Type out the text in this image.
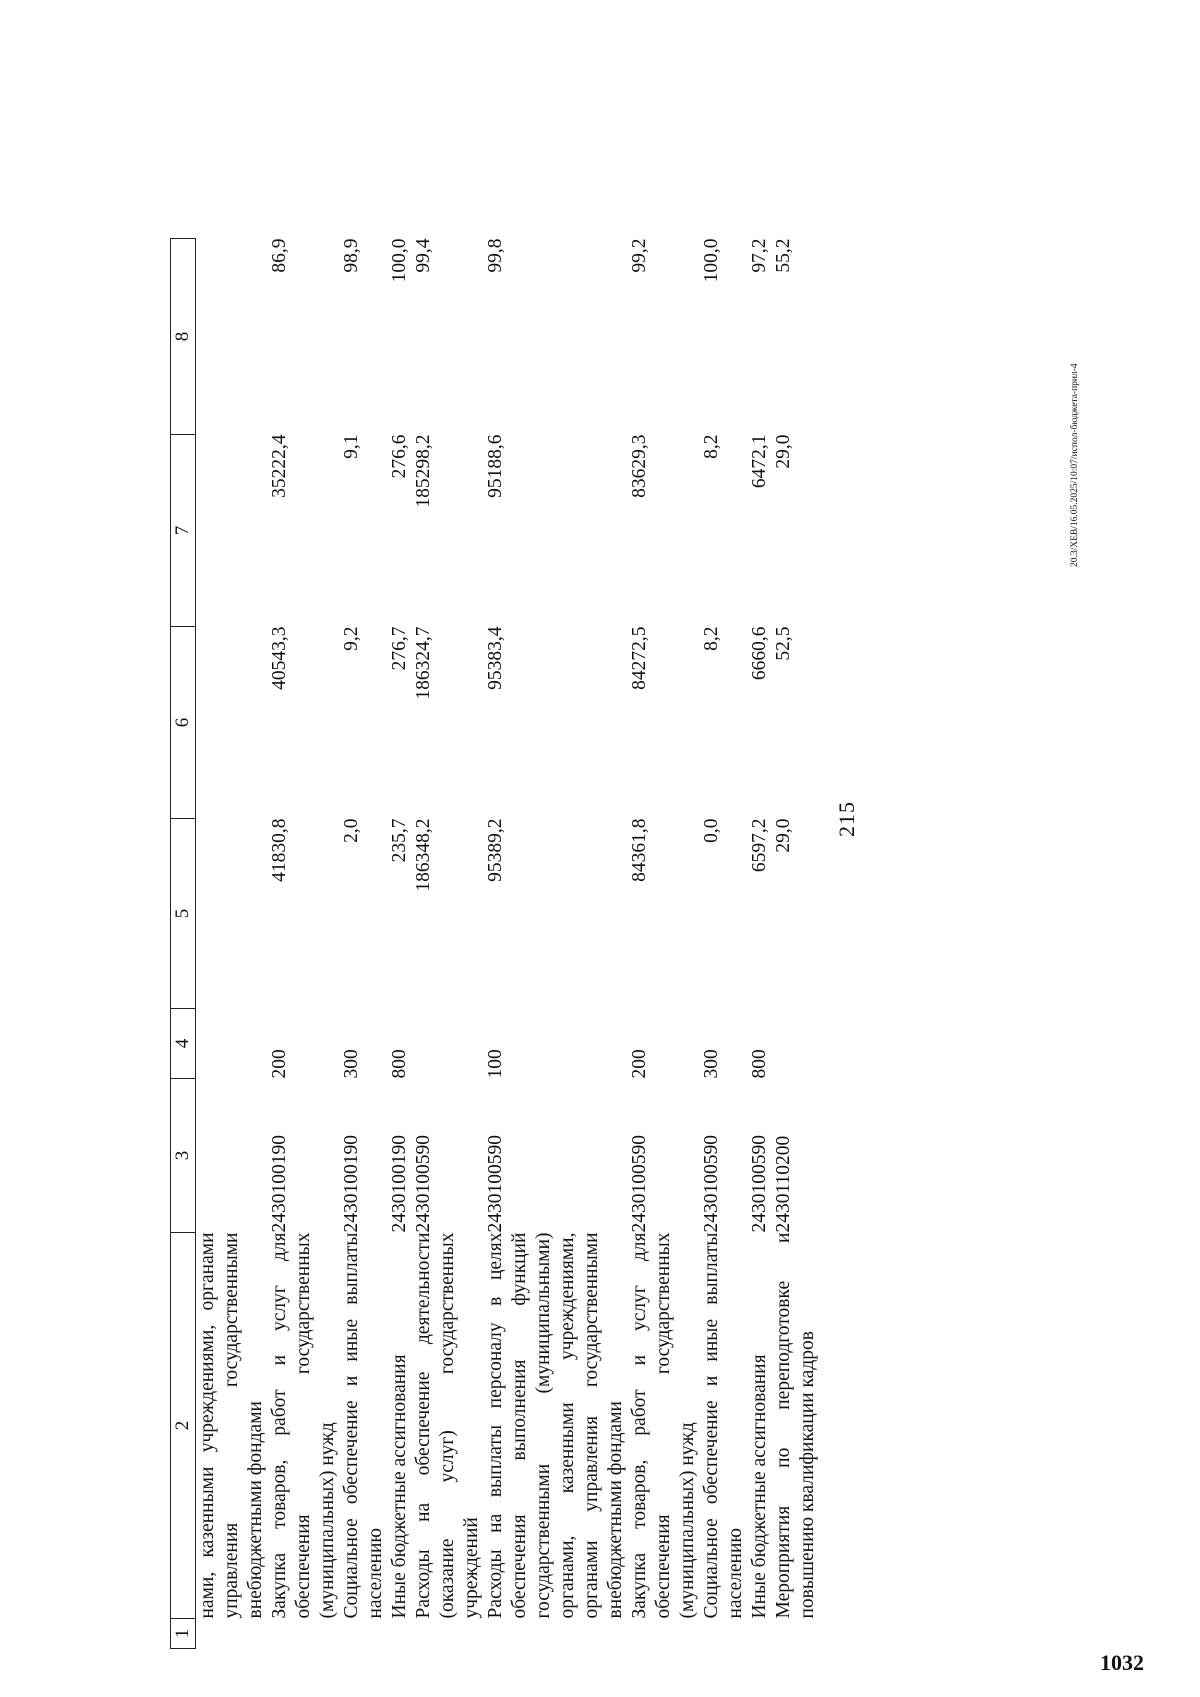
215
1	2	3	4	5	6	7	8
	нами, казенными учреждениями, органами управления государственными внебюджетными фондами						
	Закупка товаров, работ и услуг для обеспечения государственных (муниципальных) нужд	2430100190	200	41830,8	40543,3	35222,4	86,9
	Социальное обеспечение и иные выплаты населению	2430100190	300	2,0	9,2	9,1	98,9
	Иные бюджетные ассигнования	2430100190	800	235,7	276,7	276,6	100,0
	Расходы на обеспечение деятельности (оказание услуг) государственных учреждений	2430100590		186348,2	186324,7	185298,2	99,4
	Расходы на выплаты персоналу в целях обеспечения выполнения функций государственными (муниципальными) органами, казенными учреждениями, органами управления государственными внебюджетными фондами	2430100590	100	95389,2	95383,4	95188,6	99,8
	Закупка товаров, работ и услуг для обеспечения государственных (муниципальных) нужд	2430100590	200	84361,8	84272,5	83629,3	99,2
	Социальное обеспечение и иные выплаты населению	2430100590	300	0,0	8,2	8,2	100,0
	Иные бюджетные ассигнования	2430100590	800	6597,2	6660,6	6472,1	97,2
	Мероприятия по переподготовке и повышению квалификации кадров	2430110200		29,0	52,5	29,0	55,2
20.3/ХЕВ/16.05.2025/10:07/испол-бюджета-прил-4
1032
